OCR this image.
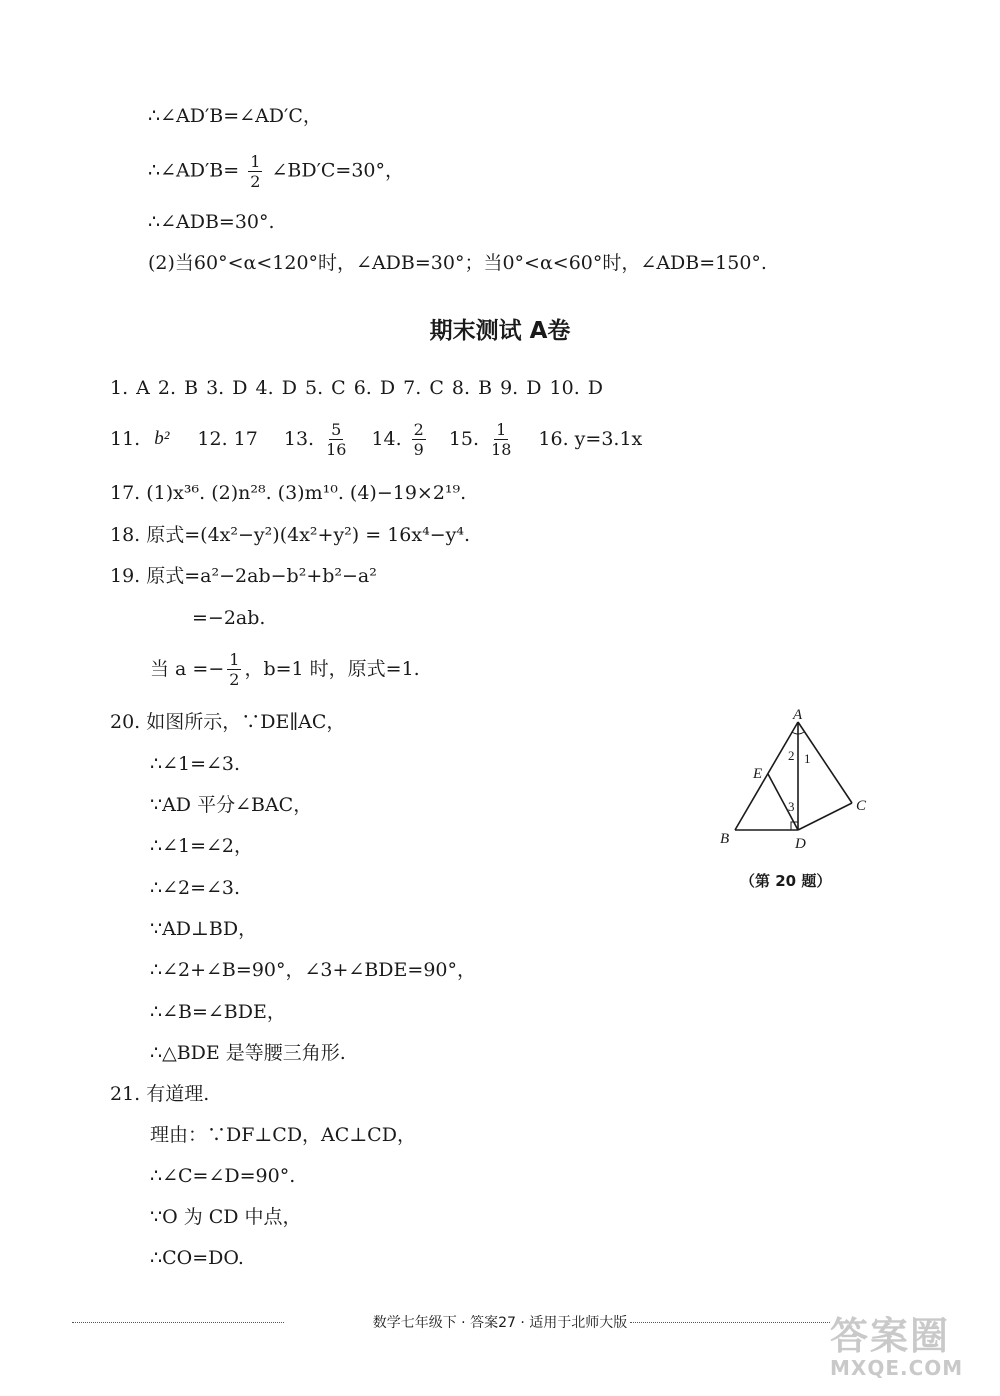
∴∠AD′B=∠AD′C，
∴∠AD′B= $\frac{1}{2}$ ∠BD′C=30°，
∴∠ADB=30°.
(2)当60°<α<120°时，∠ADB=30°；当0°<α<60°时，∠ADB=150°.
期末测试 A卷
1. A 2. B 3. D 4. D 5. C 6. D 7. C 8. B 9. D 10. D
11. b² 12. 17 13. $\frac{5}{16} 14$. $\frac{2}{9} 15$. $\frac{1}{18} 16$. y=3.1x
17. (1)x³⁶. (2)n²⁸. (3)m¹⁰. (4)−19×2¹⁹.
18. 原式=(4x²−y²)(4x²+y²) = 16x⁴−y⁴.
19. 原式=a²−2ab−b²+b²−a²
=−2ab.
当 $a =- \frac{1}{2}$ ，b=1 时，原式=1.
20. 如图所示，∵DE∥AC，
∴∠1=∠3.
∵AD 平分∠BAC，
∴∠1=∠2，
∴∠2=∠3.
∵AD⊥BD，
∴∠2+∠B=90°，∠3+∠BDE=90°，
∴∠B=∠BDE，
∴△BDE 是等腰三角形.
A
B
C
D
E
2 1
3
（第 20 题）
21. 有道理.
理由：∵DF⊥CD，AC⊥CD，
∴∠C=∠D=90°.
∵O 为 CD 中点，
∴CO=DO.
数学七年级下 · 答案27 · 适用于北师大版	答案圈
MXQE.COM
